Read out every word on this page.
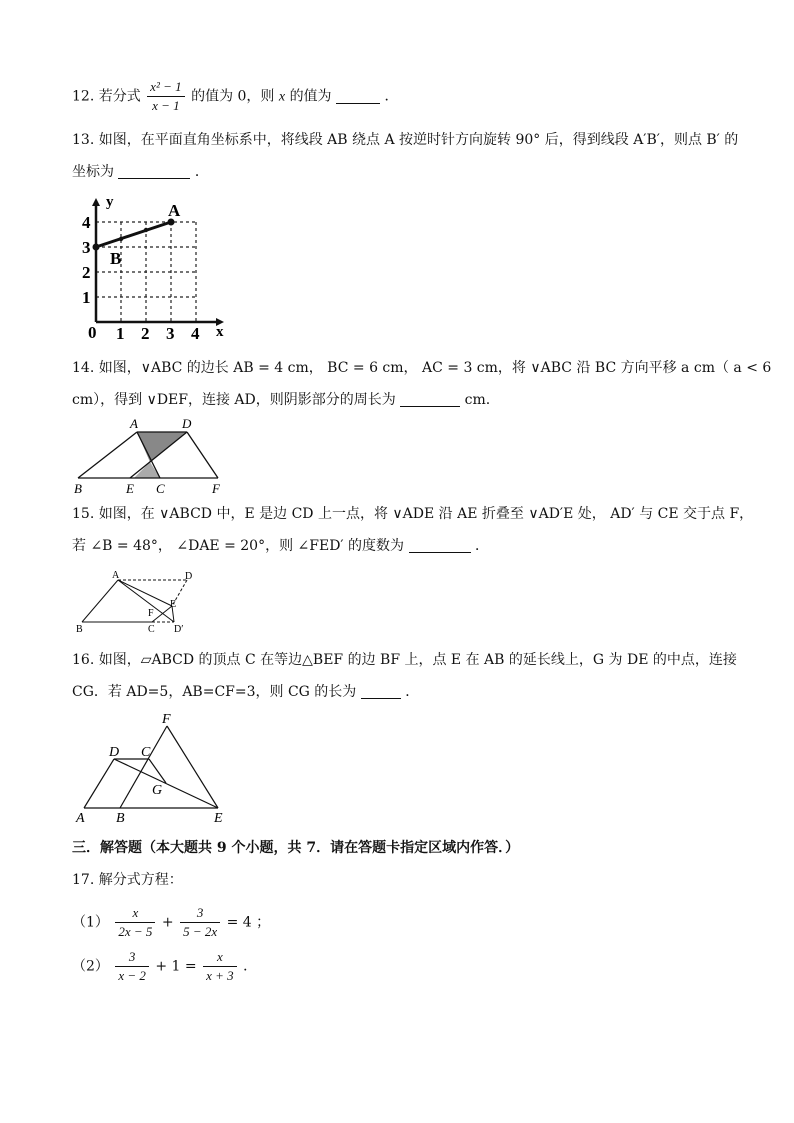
12. 若分式 $\frac{\text{x² − 1}}{x - 1}$ 的值为 0，则 x 的值为	．
13. 如图，在平面直角坐标系中，将线段 AB 绕点 A 按逆时针方向旋转 90° 后，得到线段 A′B′，则点 B′ 的
坐标为	．
y
x
A
B
0 1 2 3 4
1
2
3
4
14. 如图，∨ABC 的边长 AB = 4 cm， BC = 6 cm， AC = 3 cm，将 ∨ABC 沿 BC 方向平移 a cm（ a < 6
cm），得到 ∨DEF，连接 AD，则阴影部分的周长为	cm.
A	D
B	E C	F
15. 如图，在 ∨ABCD 中，E 是边 CD 上一点，将 ∨ADE 沿 AE 折叠至 ∨AD′E 处， AD′ 与 CE 交于点 F，
若 ∠B = 48°， ∠DAE = 20°，则 ∠FED′ 的度数为	．
A	D
B	C
E
F
D′
16. 如图，▱ABCD 的顶点 C 在等边△BEF 的边 BF 上，点 E 在 AB 的延长线上，G 为 DE 的中点，连接
CG．若 AD=5，AB=CF=3，则 CG 的长为	．
F
D C
G
A B	E
三．解答题（本大题共 9 个小题，共 7．请在答题卡指定区域内作答．）
17. 解分式方程：
$(1) \frac{x}{2x - 5} + \frac{3}{5 - 2x} = 4$ ；
$(2) \frac{3}{x - 2} + 1 = \frac{x}{x + 3}$ ．
